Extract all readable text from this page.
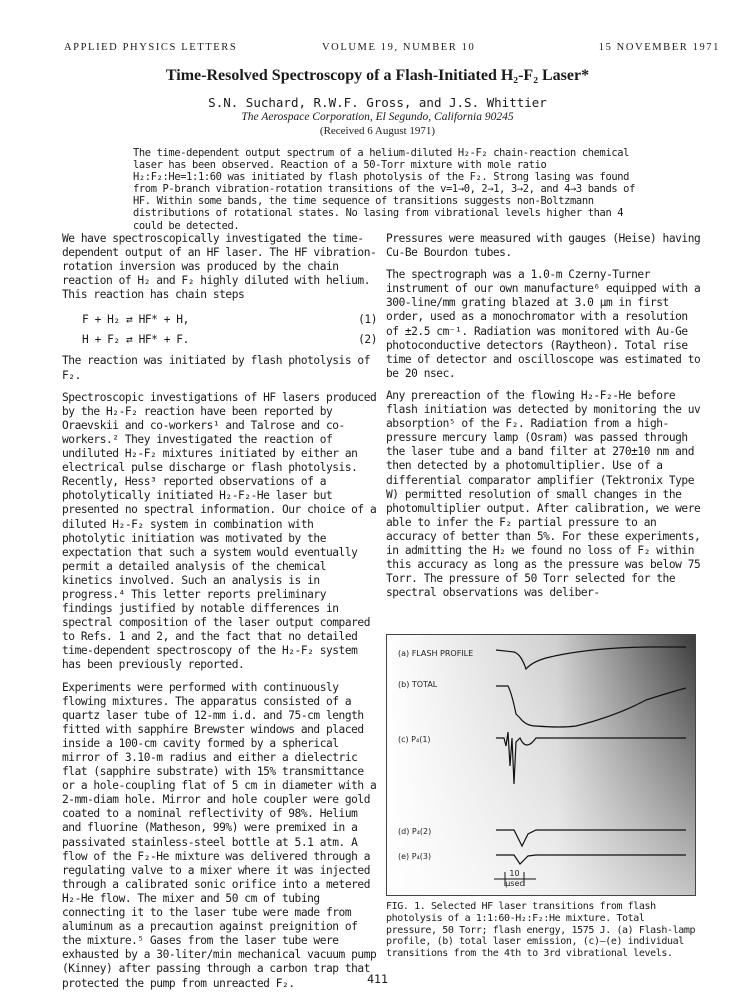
APPLIED PHYSICS LETTERS	VOLUME 19, NUMBER 10	15 NOVEMBER 1971
Time-Resolved Spectroscopy of a Flash-Initiated H₂-F₂ Laser*
S.N. Suchard, R.W.F. Gross, and J.S. Whittier
The Aerospace Corporation, El Segundo, California 90245
(Received 6 August 1971)
The time-dependent output spectrum of a helium-diluted H₂-F₂ chain-reaction chemical laser has been observed. Reaction of a 50-Torr mixture with mole ratio H₂:F₂:He=1:1:60 was initiated by flash photolysis of the F₂. Strong lasing was found from P-branch vibration-rotation transitions of the v=1→0, 2→1, 3→2, and 4→3 bands of HF. Within some bands, the time sequence of transitions suggests non-Boltzmann distributions of rotational states. No lasing from vibrational levels higher than 4 could be detected.

We have spectroscopically investigated the time-dependent output of an HF laser. The HF vibration-rotation inversion was produced by the chain reaction of H₂ and F₂ highly diluted with helium. This reaction has chain steps

F + H₂ ⇄ HF* + H,	(1)
H + F₂ ⇄ HF* + F.	(2)

The reaction was initiated by flash photolysis of F₂.

Spectroscopic investigations of HF lasers produced by the H₂-F₂ reaction have been reported by Oraevskii and co-workers¹ and Talrose and co-workers.² They investigated the reaction of undiluted H₂-F₂ mixtures initiated by either an electrical pulse discharge or flash photolysis. Recently, Hess³ reported observations of a photolytically initiated H₂-F₂-He laser but presented no spectral information. Our choice of a diluted H₂-F₂ system in combination with photolytic initiation was motivated by the expectation that such a system would eventually permit a detailed analysis of the chemical kinetics involved. Such an analysis is in progress.⁴ This letter reports preliminary findings justified by notable differences in spectral composition of the laser output compared to Refs. 1 and 2, and the fact that no detailed time-dependent spectroscopy of the H₂-F₂ system has been previously reported.

Experiments were performed with continuously flowing mixtures. The apparatus consisted of a quartz laser tube of 12-mm i.d. and 75-cm length fitted with sapphire Brewster windows and placed inside a 100-cm cavity formed by a spherical mirror of 3.10-m radius and either a dielectric flat (sapphire substrate) with 15% transmittance or a hole-coupling flat of 5 cm in diameter with a 2-mm-diam hole. Mirror and hole coupler were gold coated to a nominal reflectivity of 98%. Helium and fluorine (Matheson, 99%) were premixed in a passivated stainless-steel bottle at 5.1 atm. A flow of the F₂-He mixture was delivered through a regulating valve to a mixer where it was injected through a calibrated sonic orifice into a metered H₂-He flow. The mixer and 50 cm of tubing connecting it to the laser tube were made from aluminum as a precaution against preignition of the mixture.⁵ Gases from the laser tube were exhausted by a 30-liter/min mechanical vacuum pump (Kinney) after passing through a carbon trap that protected the pump from unreacted F₂.

Pressures were measured with gauges (Heise) having Cu-Be Bourdon tubes.

The spectrograph was a 1.0-m Czerny-Turner instrument of our own manufacture⁶ equipped with a 300-line/mm grating blazed at 3.0 μm in first order, used as a monochromator with a resolution of ±2.5 cm⁻¹. Radiation was monitored with Au-Ge photoconductive detectors (Raytheon). Total rise time of detector and oscilloscope was estimated to be 20 nsec.

Any prereaction of the flowing H₂-F₂-He before flash initiation was detected by monitoring the uv absorption⁵ of the F₂. Radiation from a high-pressure mercury lamp (Osram) was passed through the laser tube and a band filter at 270±10 nm and then detected by a photomultiplier. Use of a differential comparator amplifier (Tektronix Type W) permitted resolution of small changes in the photomultiplier output. After calibration, we were able to infer the F₂ partial pressure to an accuracy of better than 5%. For these experiments, in admitting the H₂ we found no loss of F₂ within this accuracy as long as the pressure was below 75 Torr. The pressure of 50 Torr selected for the spectral observations was deliber-

(a) FLASH PROFILE
(b) TOTAL
(c) P₄(1)
(d) P₄(2)
(e) P₄(3)
10
μsec
FIG. 1. Selected HF laser transitions from flash photolysis of a 1:1:60-H₂:F₂:He mixture. Total pressure, 50 Torr; flash energy, 1575 J. (a) Flash-lamp profile, (b) total laser emission, (c)–(e) individual transitions from the 4th to 3rd vibrational levels.
411
